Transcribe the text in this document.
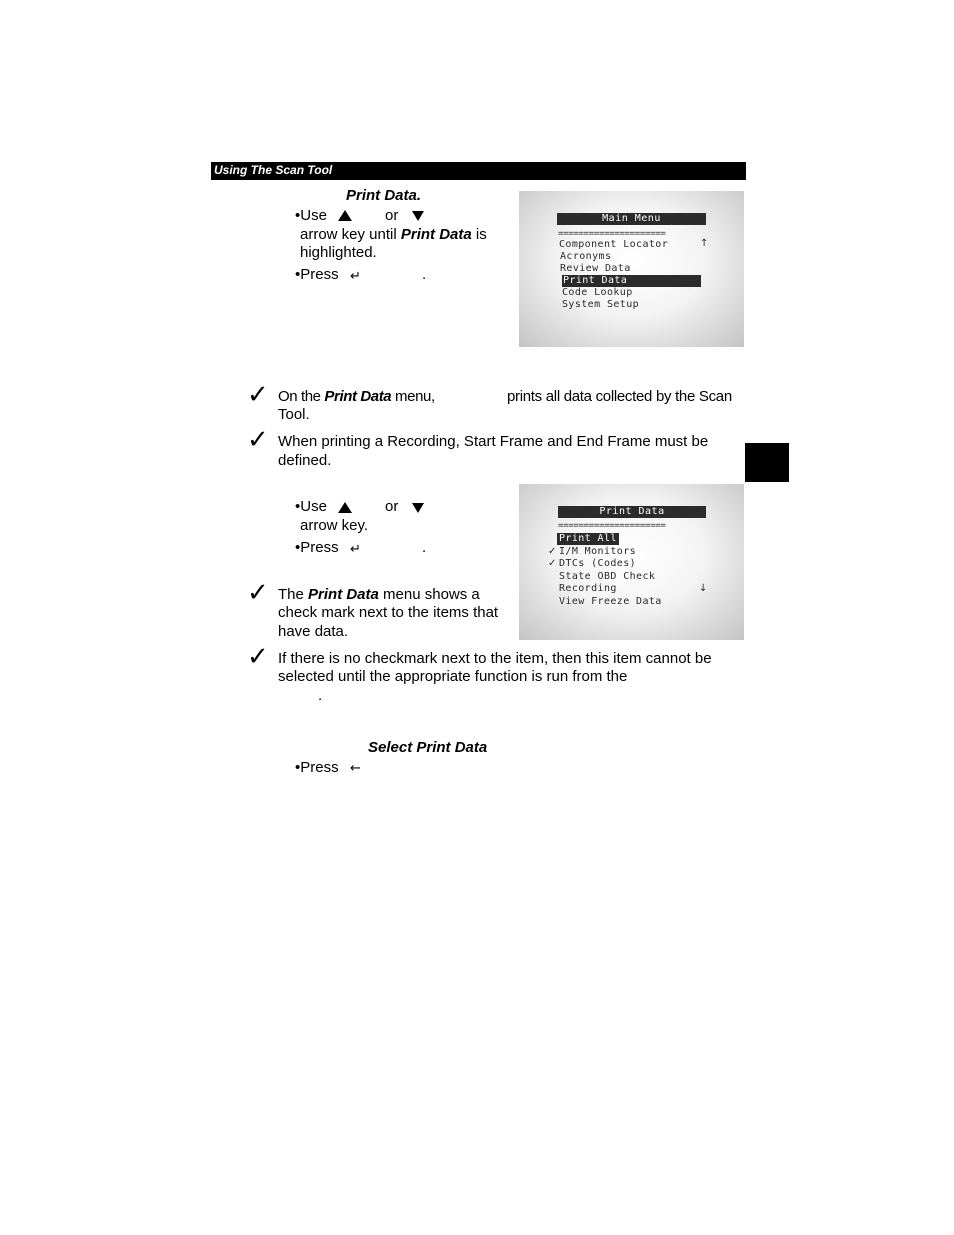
Using The Scan Tool
Print Data.
•Use	or
arrow key until Print Data is
highlighted.
•Press ↵	.
Main Menu
=====================
Component Locator	↑
Acronyms
Review Data
Print Data
Code Lookup
System Setup
✓ On the Print Data menu,	prints all data collected by the Scan
Tool.
✓ When printing a Recording, Start Frame and End Frame must be
defined.
•Use	or
arrow key.
•Press ↵	.
Print Data
=====================
Print All
✓ I/M Monitors
✓ DTCs (Codes)
State OBD Check
Recording	↓
View Freeze Data
✓ The Print Data menu shows a
check mark next to the items that
have data.
✓ If there is no checkmark next to the item, then this item cannot be
selected until the appropriate function is run from the
.
Select Print Data
•Press ←
